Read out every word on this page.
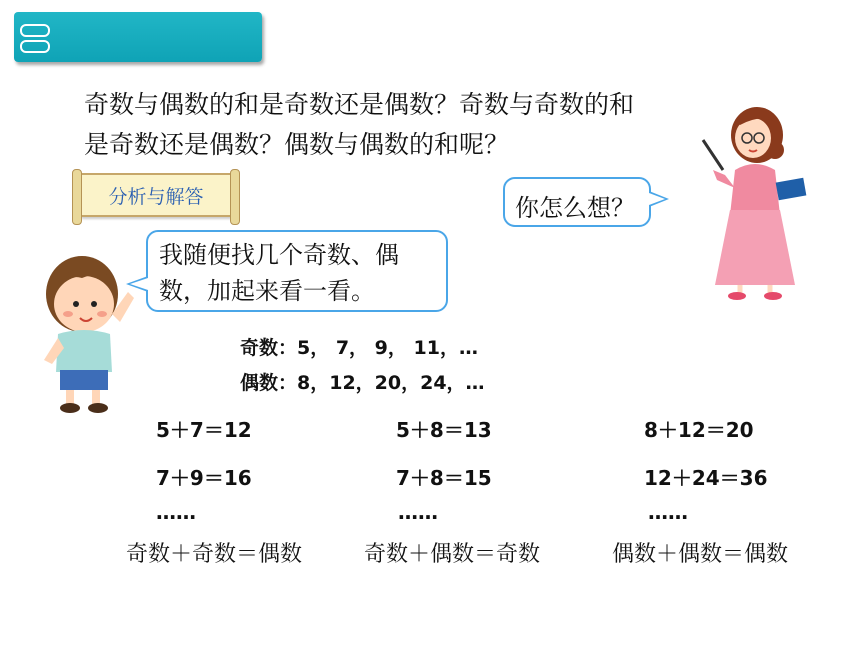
奇数与偶数的和是奇数还是偶数？奇数与奇数的和
是奇数还是偶数？偶数与偶数的和呢？
分析与解答	你怎么想？
我随便找几个奇数、偶
数，加起来看一看。
奇数：5， 7， 9， 11，…
偶数：8，12，20，24，…
5＋7＝12
7＋9＝16
……
奇数＋奇数＝偶数
5＋8＝13
7＋8＝15
……
奇数＋偶数＝奇数
8＋12＝20
12＋24＝36
……
偶数＋偶数＝偶数
